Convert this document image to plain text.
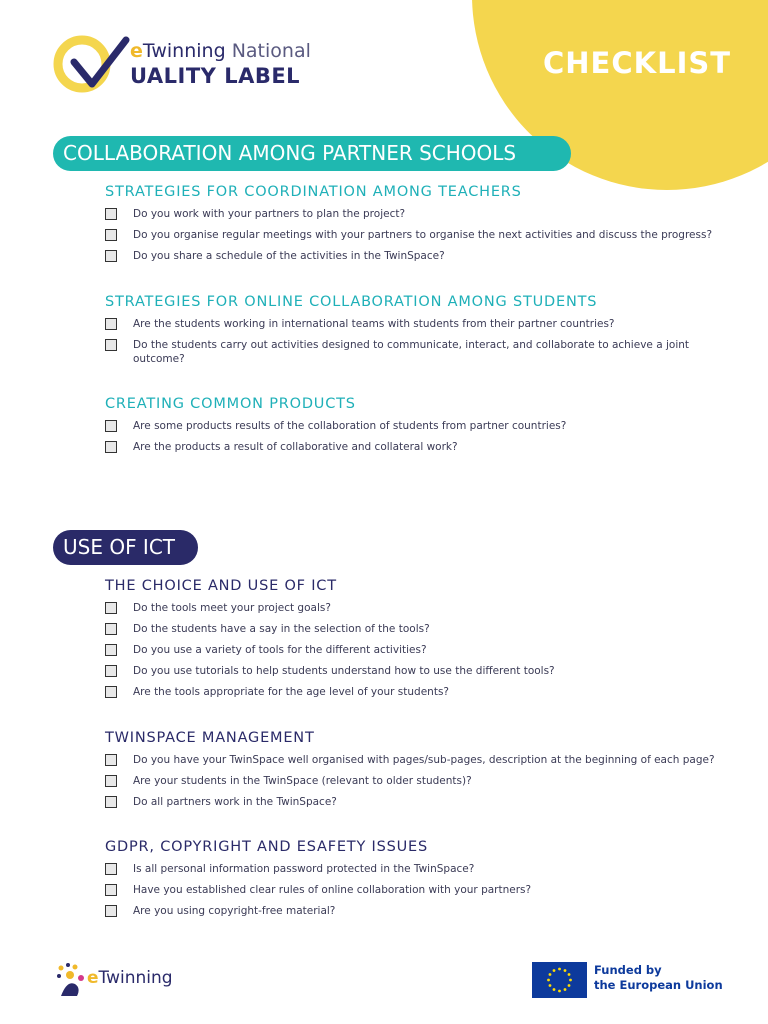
CHECKLIST
eTwinning National
UALITY LABEL
COLLABORATION AMONG PARTNER SCHOOLS

STRATEGIES FOR COORDINATION AMONG TEACHERS

Do you work with your partners to plan the project?
Do you organise regular meetings with your partners to organise the next activities and discuss the progress?
Do you share a schedule of the activities in the TwinSpace?

STRATEGIES FOR ONLINE COLLABORATION AMONG STUDENTS

Are the students working in international teams with students from their partner countries?
Do the students carry out activities designed to communicate, interact, and collaborate to achieve a joint outcome?

CREATING COMMON PRODUCTS

Are some products results of the collaboration of students from partner countries?
Are the products a result of collaborative and collateral work?
USE OF ICT

THE CHOICE AND USE OF ICT

Do the tools meet your project goals?
Do the students have a say in the selection of the tools?
Do you use a variety of tools for the different activities?
Do you use tutorials to help students understand how to use the different tools?
Are the tools appropriate for the age level of your students?

TWINSPACE MANAGEMENT

Do you have your TwinSpace well organised with pages/sub-pages, description at the beginning of each page?
Are your students in the TwinSpace (relevant to older students)?
Do all partners work in the TwinSpace?

GDPR, COPYRIGHT AND ESAFETY ISSUES

Is all personal information password protected in the TwinSpace?
Have you established clear rules of online collaboration with your partners?
Are you using copyright-free material?
eTwinning	Funded by
the European Union
